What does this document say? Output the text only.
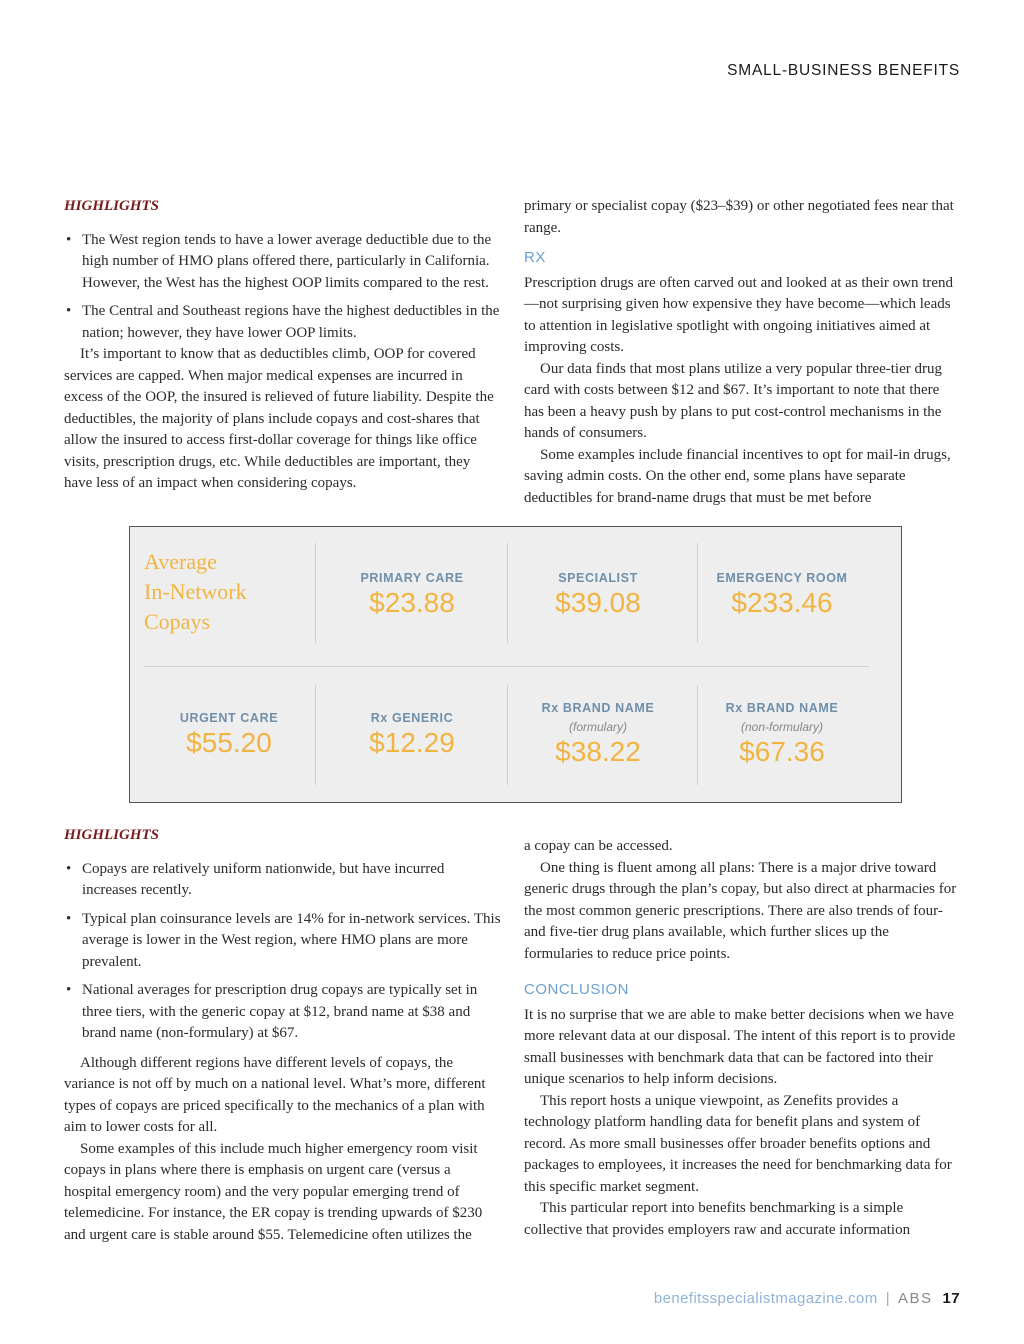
SMALL-BUSINESS BENEFITS
HIGHLIGHTS
• The West region tends to have a lower average deductible due to the high number of HMO plans offered there, particularly in California. However, the West has the highest OOP limits compared to the rest.
• The Central and Southeast regions have the highest deductibles in the nation; however, they have lower OOP limits.

It’s important to know that as deductibles climb, OOP for covered services are capped. When major medical expenses are incurred in excess of the OOP, the insured is relieved of future liability. Despite the deductibles, the majority of plans include copays and cost-shares that allow the insured to access first-dollar coverage for things like office visits, prescription drugs, etc. While deductibles are important, they have less of an impact when considering copays.

primary or specialist copay ($23–$39) or other negotiated fees near that range.

RX

Prescription drugs are often carved out and looked at as their own trend—not surprising given how expensive they have become—which leads to attention in legislative spotlight with ongoing initiatives aimed at improving costs.

Our data finds that most plans utilize a very popular three-tier drug card with costs between $12 and $67. It’s important to note that there has been a heavy push by plans to put cost-control mechanisms in the hands of consumers.

Some examples include financial incentives to opt for mail-in drugs, saving admin costs. On the other end, some plans have separate deductibles for brand-name drugs that must be met before

Average
In-Network
Copays
PRIMARY CARE
$23.88
SPECIALIST
$39.08
EMERGENCY ROOM
$233.46
URGENT CARE
$55.20
Rx GENERIC
$12.29
Rx BRAND NAME
(formulary)
$38.22
Rx BRAND NAME
(non-formulary)
$67.36
HIGHLIGHTS
• Copays are relatively uniform nationwide, but have incurred increases recently.
• Typical plan coinsurance levels are 14% for in-network services. This average is lower in the West region, where HMO plans are more prevalent.
• National averages for prescription drug copays are typically set in three tiers, with the generic copay at $12, brand name at $38 and brand name (non-formulary) at $67.

Although different regions have different levels of copays, the variance is not off by much on a national level. What’s more, different types of copays are priced specifically to the mechanics of a plan with aim to lower costs for all.

Some examples of this include much higher emergency room visit copays in plans where there is emphasis on urgent care (versus a hospital emergency room) and the very popular emerging trend of telemedicine. For instance, the ER copay is trending upwards of $230 and urgent care is stable around $55. Telemedicine often utilizes the

a copay can be accessed.

One thing is fluent among all plans: There is a major drive toward generic drugs through the plan’s copay, but also direct at pharmacies for the most common generic prescriptions. There are also trends of four- and five-tier drug plans available, which further slices up the formularies to reduce price points.

CONCLUSION

It is no surprise that we are able to make better decisions when we have more relevant data at our disposal. The intent of this report is to provide small businesses with benchmark data that can be factored into their unique scenarios to help inform decisions.

This report hosts a unique viewpoint, as Zenefits provides a technology platform handling data for benefit plans and system of record. As more small businesses offer broader benefits options and packages to employees, it increases the need for benchmarking data for this specific market segment.

This particular report into benefits benchmarking is a simple collective that provides employers raw and accurate information

benefitsspecialistmagazine.com | ABS 17
